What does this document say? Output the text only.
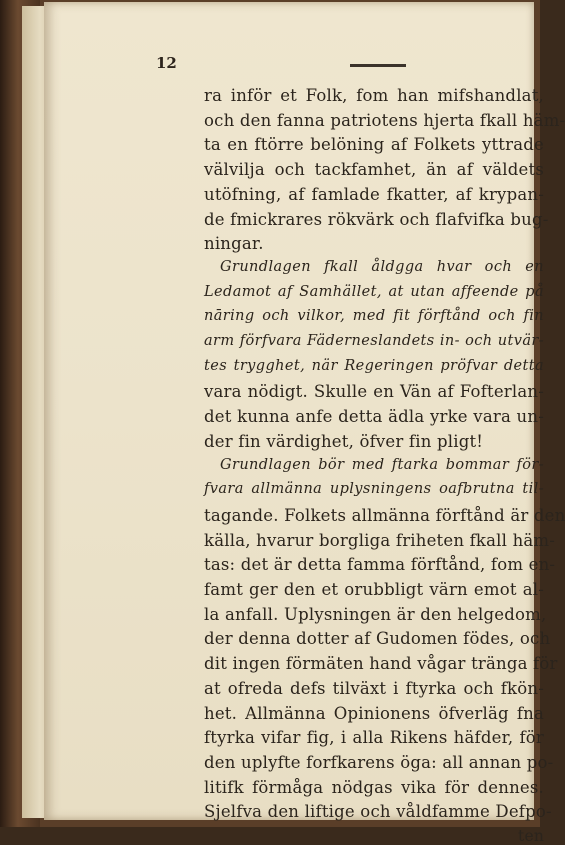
12
ra inför et Folk, fom han mifshandlat,
och den fanna patriotens hjerta fkall häm-
ta en ftörre belöning af Folkets yttrade
välvilja och tackfamhet, än af väldets
utöfning, af famlade fkatter, af krypan-
de fmickrares rökvärk och flafvifka bug-
ningar.
Grundlagen fkall åldgga hvar och en
Ledamot af Samhället, at utan affeende på
nāring och vilkor, med fit förftånd och fin
arm förfvara Fäderneslandets in- och utvär-
tes trygghet, när Regeringen pröfvar detta
vara nödigt. Skulle en Vän af Fofterlan-
det kunna anfe detta ädla yrke vara un-
der fin värdighet, öfver fin pligt!
Grundlagen bör med ftarka bommar för-
fvara allmänna uplysningens oafbrutna til-
tagande. Folkets allmänna förftånd är den
källa, hvarur borgliga friheten fkall häm-
tas: det är detta famma förftånd, fom en-
famt ger den et orubbligt värn emot al-
la anfall. Uplysningen är den helgedom,
der denna dotter af Gudomen födes, och
dit ingen förmäten hand vågar tränga för
at ofreda defs tilväxt i ftyrka och fkön-
het. Allmänna Opinionens öfverläg fna
ftyrka vifar fig, i alla Rikens häfder, för
den uplyfte forfkarens öga: all annan po-
litifk förmåga nödgas vika för dennes.
Sjelfva den liftige och våldfamme Defpo-
ten
